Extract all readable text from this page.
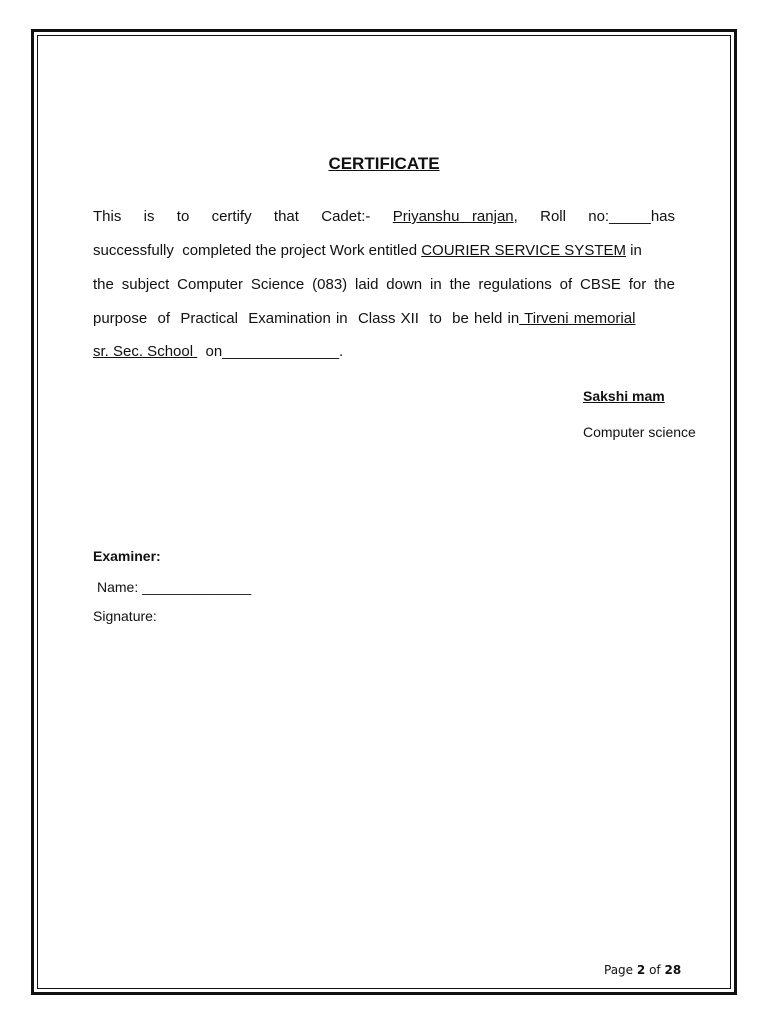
CERTIFICATE
This is to certify that Cadet:- Priyanshu   ranjan, Roll no:_____has
successfully  completed the project Work entitled COURIER SERVICE SYSTEM in
the subject Computer Science (083) laid down in the regulations of CBSE for the
purpose  of  Practical  Examination in  Class XII  to  be held in Tirveni memorial
sr. Sec. School   on______________.
Sakshi mam
Computer science
Examiner:
Name: ______________
Signature:
Page 2 of 28
